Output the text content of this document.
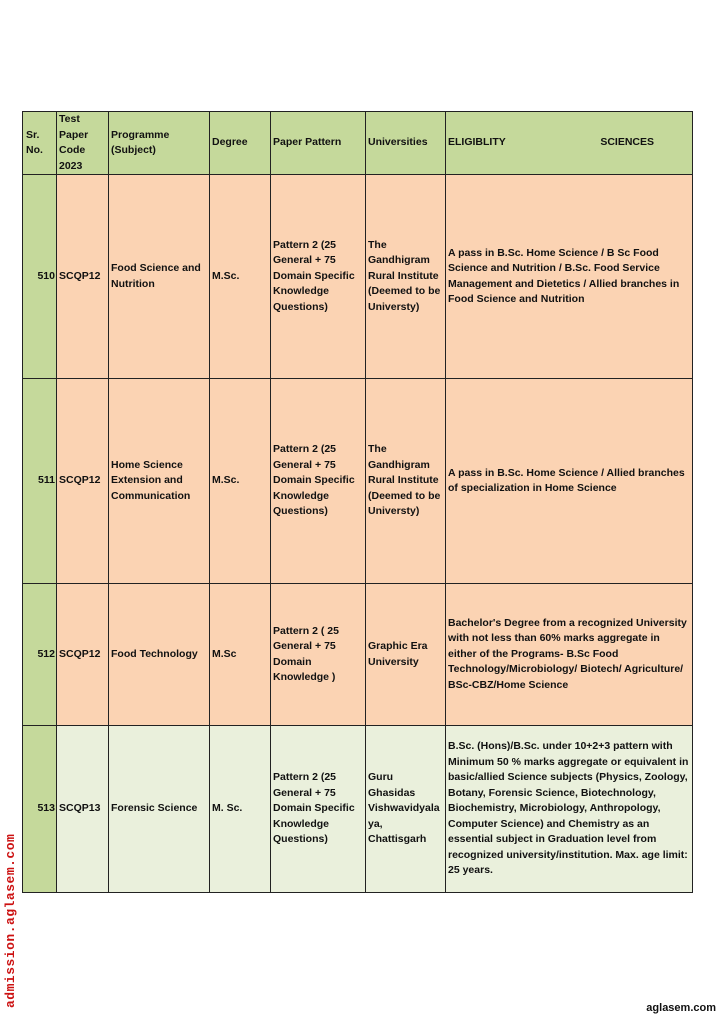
Sr. No.	Test Paper Code 2023	Programme (Subject)	Degree	Paper Pattern	Universities	ELIGIBLITY SCIENCES

510	SCQP12	Food Science and Nutrition	M.Sc.	Pattern 2 (25 General + 75 Domain Specific Knowledge Questions)	The Gandhigram Rural Institute (Deemed to be Universty)	A pass in B.Sc. Home Science / B Sc Food Science and Nutrition / B.Sc. Food Service Management and Dietetics / Allied branches in Food Science and Nutrition
511	SCQP12	Home Science Extension and Communication	M.Sc.	Pattern 2 (25 General + 75 Domain Specific Knowledge Questions)	The Gandhigram Rural Institute (Deemed to be Universty)	A pass in B.Sc. Home Science / Allied branches of specialization in Home Science
512	SCQP12	Food Technology	M.Sc	Pattern 2 ( 25 General + 75 Domain Knowledge )	Graphic Era University	Bachelor's Degree from a recognized University with not less than 60% marks aggregate in either of the Programs- B.Sc Food Technology/Microbiology/ Biotech/ Agriculture/ BSc-CBZ/Home Science
513	SCQP13	Forensic Science	M. Sc.	Pattern 2 (25 General + 75 Domain Specific Knowledge Questions)	Guru Ghasidas Vishwavidyalaya, Chattisgarh	B.Sc. (Hons)/B.Sc. under 10+2+3 pattern with Minimum 50 % marks aggregate or equivalent in basic/allied Science subjects (Physics, Zoology, Botany, Forensic Science, Biotechnology, Biochemistry, Microbiology, Anthropology, Computer Science) and Chemistry as an essential subject in Graduation level from recognized university/institution. Max. age limit: 25 years.
admission.aglasem.com	aglasem.com
